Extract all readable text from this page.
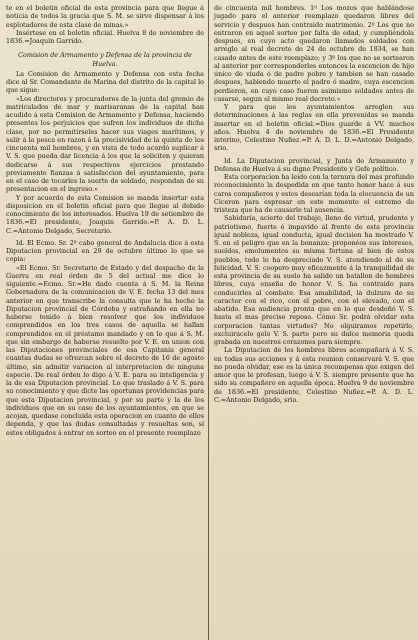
te en el boletin oficial de esta provincia para que llegue á noticia de todos la gracia que S. M. se sirve dispensar á los esplotadores de esta clase de minas.»

Insértese en el boletin oficial. Huelva 8 de noviembre de 1836.=Joaquin Garrido.

Comision de Armamento y Defensa de la provincia de Huelva.

La Comision de Armamento y Defensa con esta fecha dice al Sr. Comandante de Marina del distrito de la capital lo que sigue:

«Los directores y procuradores de la junta del gremio de matriculados de mar y marisaranas de la capital han acudido á esta Comision de Armamento y Defensa, haciendo presentes los perjuicios que sufren los individuos de dicha clase, por no permitírseles hacer sus viages marítimos, y salir á la pesca en razon á la precisividad de la quinta de los cincuenta mil hombres, y en vista de todo acordó suplicar á V. S. que pueda dar licencia á los que la soliciten y quieran dedicarse á sus respectivos ejercicios prestando previamente fianzas á satisfaccion del ayuntamiento, para en el caso de tocarles la suerte de soldado, respondan de su presentacion en el ingreso.»

Y por acuerdo de esta Comision se manda insertar esta disposicion en el boletin oficial para que llegue al debido conocimiento de los interesados. Huelva 19 de setiembre de 1836.=El presidente, Joaquin Garrido.=P. A. D. L. C.=Antonio Delgado, Secretario.

Id. El Ecmo. Sr. 2º cabo general de Andalucía dice á esta Diputacion provincial en 29 de octubre último lo que se copia:

«El Ecmo. Sr. Secretario de Estado y del despacho de la Guerra en real órden de 5 del actual me dice lo siguiente.=Ecmo. Sr.=He dado cuenta á S. M. la Reina Gobernadora de la comunicacion de V. E. fecha 13 del mes anterior en que transcribe la consulta que le ha hecho la Diputacion provincial de Córdoba y estrañando en ella no haberse tenido á bien resolver que los individuos comprendidos en los tres casos de aquella se hallan comprendidos en el préstamo mandado y en lo que á S. M. que sin embargo de haberse resuelto por V. E. en union con las Diputaciones provinciales de esa Capitanía general cuantas dudas se ofrezcan sobre el decreto de 16 de agosto último, sin admitir variacion al interpretacion de ninguna especie. De real órden lo digo á V. E. para su inteligencia y la de esa Diputacion provincial. Lo que traslado á V. S. para su conocimiento y que dicte las oportunas providencias para que esta Diputacion provincial, y por su parte y la de los individuos que en su caso de los ayuntamientos, en que se acojan, quedase concluida esta operacion en cuanto de ellos dependa, y que las dudas consultadas y resueltas son, sí estos obligados á entrar en sorteo en el presente reemplazo

de cincuenta mil hombres. 1º Los mozos que hablándose jugado para el anterior reemplazo quedaron libres del servicio y despues han contraido matrimonio. 2º Los que no entraron en aquel sorteo por falta de edad, y cumpliéndola despues, en cuyo acto quedaron llamados soldados con arreglo al real decreto de 24 de octubre de 1834, se han casado antes de este reemplazo; y 3º los que no se sortearon al anterior por corresponderles entonces la escencion de hijo único de viuda ó de padre pobre y tambien se han casado despues, habiendo muerto el padre ó madre, cuya escencion perdieron, en cuyo caso fueron asimismo soldados antes de casarse, segun el mismo real decreto.»

Y para que los ayuntamientos arreglen sus determinaciones á las reglas en ella prevenidas se manda insertar en el boletin oficial.=Dios guarde á VV. muchos años. Huelva 4 de noviembre de 1836.=El Presidente interino, Celestino Nuñez.=P. A. D. L. D.=Antonio Delgado, srio.

Id. La Diputacion provincial, y Junta de Armamento y Defensa de Huelva á su digno Presidente y Gefe político.

Esta corporacion ha leido con la ternura del mas profundo reconocimiento la despedida en que tanto honor hace á sus caros compañeros y estos desearían toda la elocuencia de un Ciceron para espresar en este momento el estremo de tristeza que ha de causarle tal ausencia.

Sabiduría, acierto del trabajo, lleno de virtud, prudente y patriotismo, fuerte é impavido al frente de esta provincia igual nobleza, igual conducta, igual decision ha mostrado V. S. en el peligro que en la bonanza: proponéos sus intereses, sueldos, emolumentos su misma fortuna al bien de estos pueblos, todo lo ha despreciado V. S. atendiendo al de su felicidad. V. S. coopero muy eficazmente á la tranquilidad de esta provincia de su suelo ha salido un batallon de hombres libres, cuya enseña de honor V. S. ha contraido para conducirles al combate. Esa amabilidad, la dulzura de su caracter con el rico, con el pobre, con el elevado, con el abatido. Esa audiencia pronta que en lo que desdeñó V. S. hasta el mas preciso reposo. Cómo Sr. podrá olvidar esta corporacion tantas virtudes? No olguiramos repetirlo, excluirácelo gelo V. S. parte pero su dulce memoria queda grabada en nuestros corazones para siempre.

La Diputacion de los hombres libres acompañará á V. S. en todas sus acciones y á esta reunion conservará V. S. que no pueda olvidar, ese es la única recompensa que exigen del amor que le profesan, luego á V. S. siempre presente que ha sido su compañero en aquella época. Huelva 9 de noviembre de 1836.=El presidente, Celestino Nuñez.=P. A. D. L. C.=Antonio Delgado, srio.
